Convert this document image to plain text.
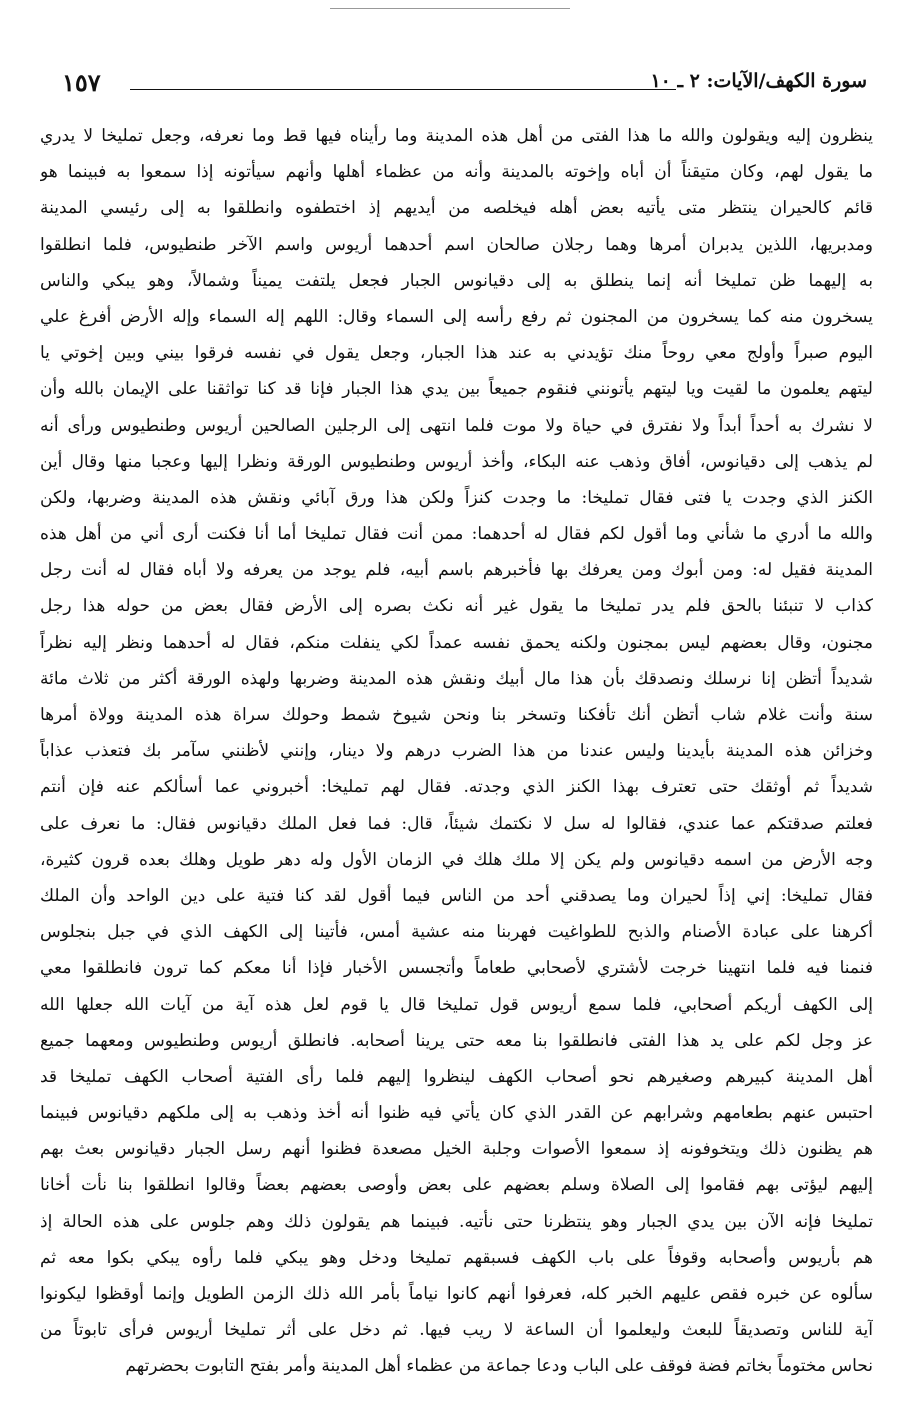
١٥٧	سورة الكهف/الآيات: ٢ ـ ١٠
ينظرون إليه ويقولون والله ما هذا الفتى من أهل هذه المدينة وما رأيناه فيها قط وما نعرفه، وجعل تمليخا لا يدري
ما يقول لهم، وكان متيقناً أن أباه وإخوته بالمدينة وأنه من عظماء أهلها وأنهم سيأتونه إذا سمعوا به فبينما هو
قائم كالحيران ينتظر متى يأتيه بعض أهله فيخلصه من أيديهم إذ اختطفوه وانطلقوا به إلى رئيسي المدينة
ومدبريها، اللذين يدبران أمرها وهما رجلان صالحان اسم أحدهما أريوس واسم الآخر طنطيوس، فلما انطلقوا
به إليهما ظن تمليخا أنه إنما ينطلق به إلى دقيانوس الجبار فجعل يلتفت يميناً وشمالاً، وهو يبكي والناس
يسخرون منه كما يسخرون من المجنون ثم رفع رأسه إلى السماء وقال: اللهم إله السماء وإله الأرض أفرغ علي
اليوم صبراً وأولج معي روحاً منك تؤيدني به عند هذا الجبار، وجعل يقول في نفسه فرقوا بيني وبين إخوتي يا
ليتهم يعلمون ما لقيت ويا ليتهم يأتونني فنقوم جميعاً بين يدي هذا الجبار فإنا قد كنا تواثقنا على الإيمان بالله وأن
لا نشرك به أحداً أبداً ولا نفترق في حياة ولا موت فلما انتهى إلى الرجلين الصالحين أريوس وطنطيوس ورأى أنه
لم يذهب إلى دقيانوس، أفاق وذهب عنه البكاء، وأخذ أريوس وطنطيوس الورقة ونظرا إليها وعجبا منها وقال أين
الكنز الذي وجدت يا فتى فقال تمليخا: ما وجدت كنزاً ولكن هذا ورق آبائي ونقش هذه المدينة وضربها، ولكن
والله ما أدري ما شأني وما أقول لكم فقال له أحدهما: ممن أنت فقال تمليخا أما أنا فكنت أرى أني من أهل هذه
المدينة فقيل له: ومن أبوك ومن يعرفك بها فأخبرهم باسم أبيه، فلم يوجد من يعرفه ولا أباه فقال له أنت رجل
كذاب لا تنبئنا بالحق فلم يدر تمليخا ما يقول غير أنه نكث بصره إلى الأرض فقال بعض من حوله هذا رجل
مجنون، وقال بعضهم ليس بمجنون ولكنه يحمق نفسه عمداً لكي ينفلت منكم، فقال له أحدهما ونظر إليه نظراً
شديداً أتظن إنا نرسلك ونصدقك بأن هذا مال أبيك ونقش هذه المدينة وضربها ولهذه الورقة أكثر من ثلاث مائة
سنة وأنت غلام شاب أتظن أنك تأفكنا وتسخر بنا ونحن شيوخ شمط وحولك سراة هذه المدينة وولاة أمرها
وخزائن هذه المدينة بأيدينا وليس عندنا من هذا الضرب درهم ولا دينار، وإنني لأظنني سآمر بك فتعذب عذاباً
شديداً ثم أوثقك حتى تعترف بهذا الكنز الذي وجدته. فقال لهم تمليخا: أخبروني عما أسألكم عنه فإن أنتم
فعلتم صدقتكم عما عندي، فقالوا له سل لا نكتمك شيئاً، قال: فما فعل الملك دقيانوس فقال: ما نعرف على
وجه الأرض من اسمه دقيانوس ولم يكن إلا ملك هلك في الزمان الأول وله دهر طويل وهلك بعده قرون كثيرة،
فقال تمليخا: إني إذاً لحيران وما يصدقني أحد من الناس فيما أقول لقد كنا فتية على دين الواحد وأن الملك
أكرهنا على عبادة الأصنام والذبح للطواغيت فهربنا منه عشية أمس، فأتينا إلى الكهف الذي في جبل بنجلوس
فنمنا فيه فلما انتهينا خرجت لأشتري لأصحابي طعاماً وأتجسس الأخبار فإذا أنا معكم كما ترون فانطلقوا معي
إلى الكهف أريكم أصحابي، فلما سمع أريوس قول تمليخا قال يا قوم لعل هذه آية من آيات الله جعلها الله
عز وجل لكم على يد هذا الفتى فانطلقوا بنا معه حتى يرينا أصحابه. فانطلق أريوس وطنطيوس ومعهما جميع
أهل المدينة كبيرهم وصغيرهم نحو أصحاب الكهف لينظروا إليهم فلما رأى الفتية أصحاب الكهف تمليخا قد
احتبس عنهم بطعامهم وشرابهم عن القدر الذي كان يأتي فيه ظنوا أنه أخذ وذهب به إلى ملكهم دقيانوس فبينما
هم يظنون ذلك ويتخوفونه إذ سمعوا الأصوات وجلبة الخيل مصعدة فظنوا أنهم رسل الجبار دقيانوس بعث بهم
إليهم ليؤتى بهم فقاموا إلى الصلاة وسلم بعضهم على بعض وأوصى بعضهم بعضاً وقالوا انطلقوا بنا نأت أخانا
تمليخا فإنه الآن بين يدي الجبار وهو ينتظرنا حتى نأتيه. فبينما هم يقولون ذلك وهم جلوس على هذه الحالة إذ
هم بأريوس وأصحابه وقوفاً على باب الكهف فسبقهم تمليخا ودخل وهو يبكي فلما رأوه يبكي بكوا معه ثم
سألوه عن خبره فقص عليهم الخبر كله، فعرفوا أنهم كانوا نياماً بأمر الله ذلك الزمن الطويل وإنما أوقظوا ليكونوا
آية للناس وتصديقاً للبعث وليعلموا أن الساعة لا ريب فيها. ثم دخل على أثر تمليخا أريوس فرأى تابوتاً من
نحاس مختوماً بخاتم فضة فوقف على الباب ودعا جماعة من عظماء أهل المدينة وأمر بفتح التابوت بحضرتهم
